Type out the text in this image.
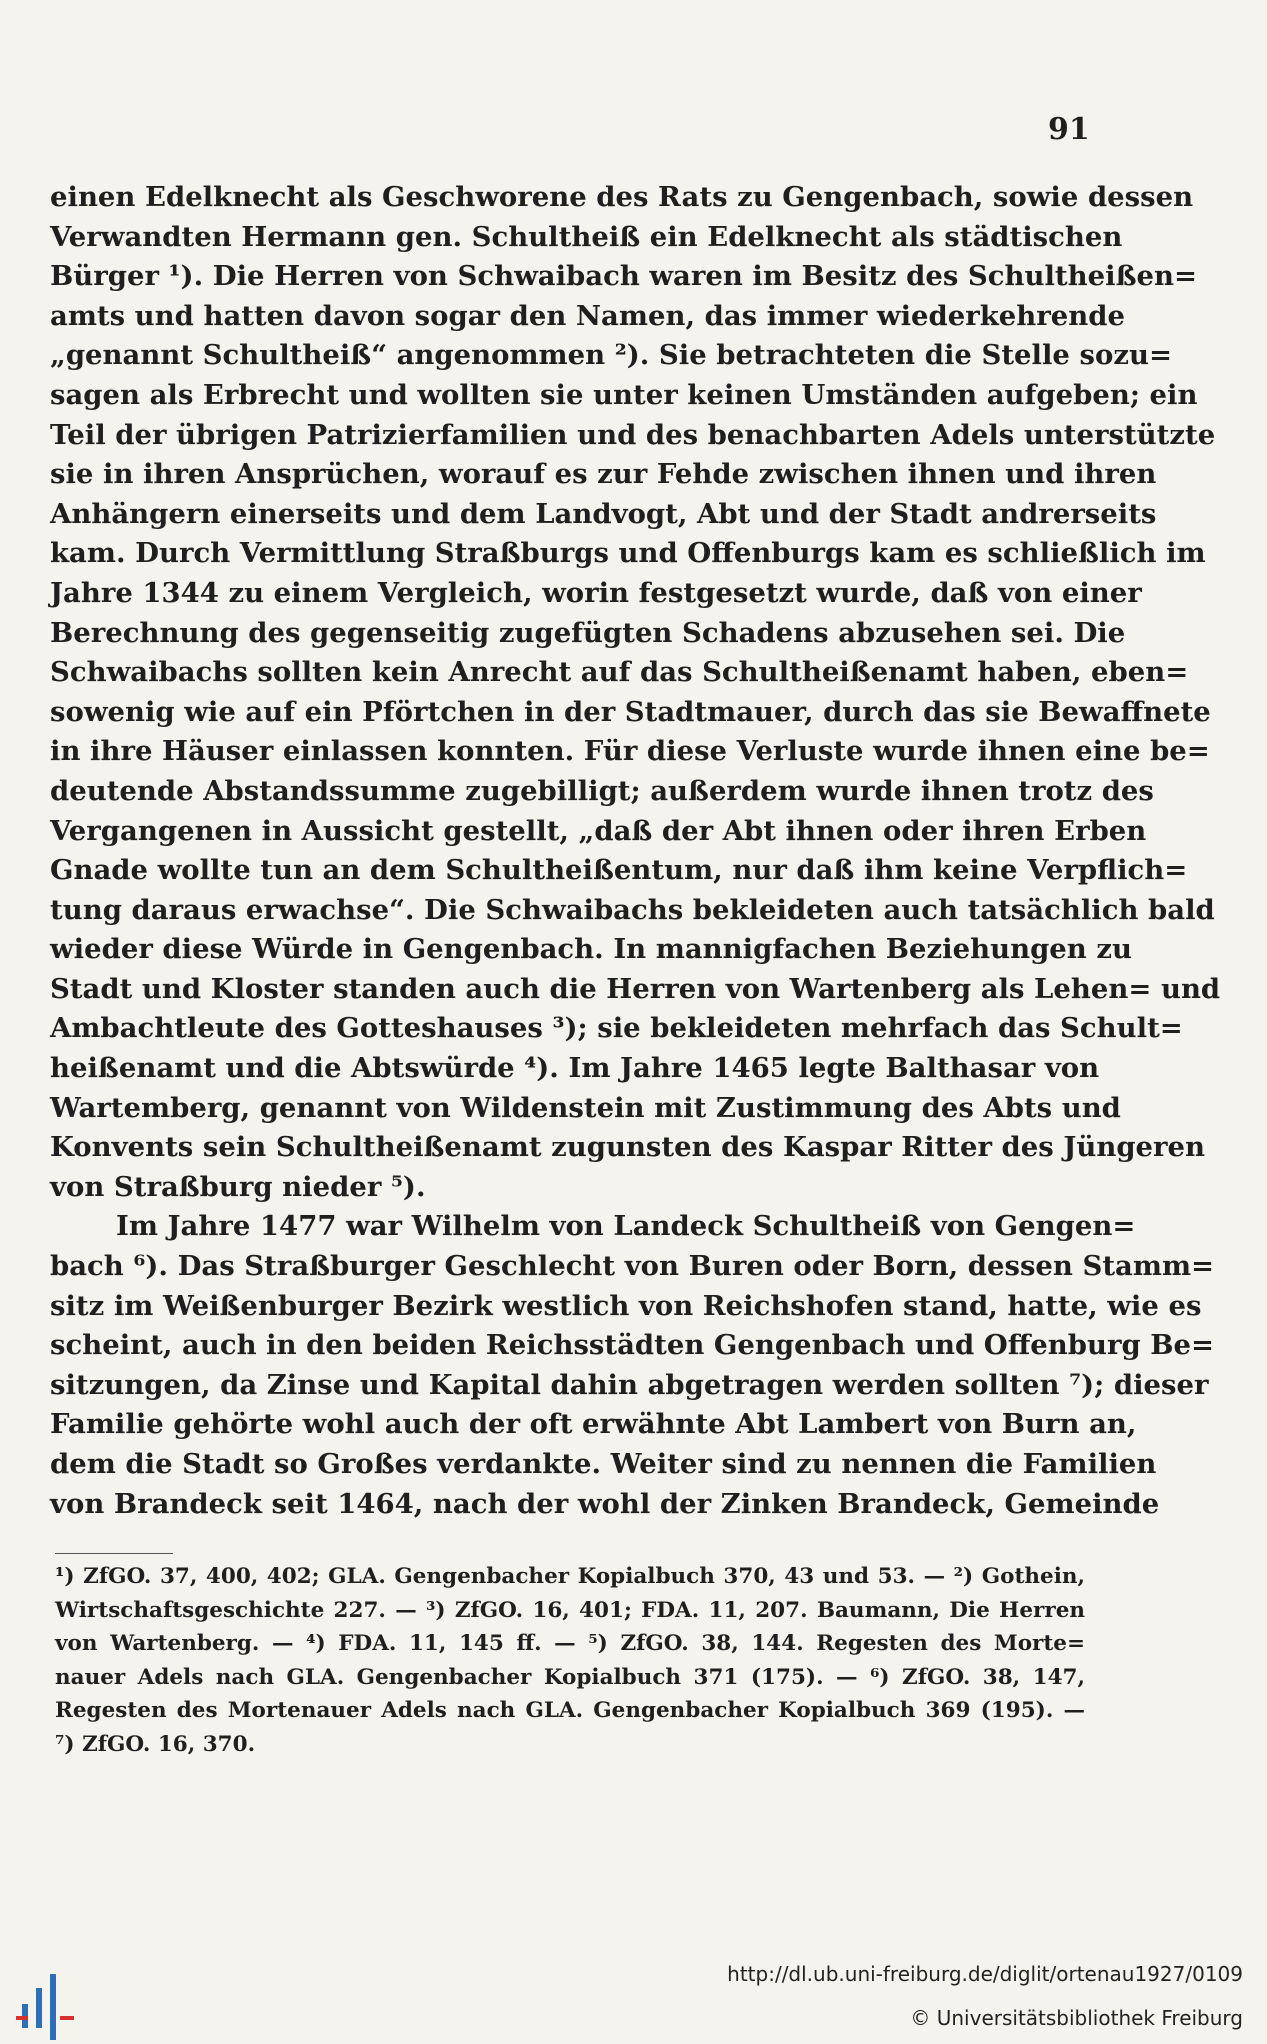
91
einen Edelknecht als Geschworene des Rats zu Gengenbach, sowie dessen
Verwandten Hermann gen. Schultheiß ein Edelknecht als städtischen
Bürger ¹). Die Herren von Schwaibach waren im Besitz des Schultheißen=
amts und hatten davon sogar den Namen, das immer wiederkehrende
„genannt Schultheiß“ angenommen ²). Sie betrachteten die Stelle sozu=
sagen als Erbrecht und wollten sie unter keinen Umständen aufgeben; ein
Teil der übrigen Patrizierfamilien und des benachbarten Adels unterstützte
sie in ihren Ansprüchen, worauf es zur Fehde zwischen ihnen und ihren
Anhängern einerseits und dem Landvogt, Abt und der Stadt andrerseits
kam. Durch Vermittlung Straßburgs und Offenburgs kam es schließlich im
Jahre 1344 zu einem Vergleich, worin festgesetzt wurde, daß von einer
Berechnung des gegenseitig zugefügten Schadens abzusehen sei. Die
Schwaibachs sollten kein Anrecht auf das Schultheißenamt haben, eben=
sowenig wie auf ein Pförtchen in der Stadtmauer, durch das sie Bewaffnete
in ihre Häuser einlassen konnten. Für diese Verluste wurde ihnen eine be=
deutende Abstandssumme zugebilligt; außerdem wurde ihnen trotz des
Vergangenen in Aussicht gestellt, „daß der Abt ihnen oder ihren Erben
Gnade wollte tun an dem Schultheißentum, nur daß ihm keine Verpflich=
tung daraus erwachse“. Die Schwaibachs bekleideten auch tatsächlich bald
wieder diese Würde in Gengenbach. In mannigfachen Beziehungen zu
Stadt und Kloster standen auch die Herren von Wartenberg als Lehen= und
Ambachtleute des Gotteshauses ³); sie bekleideten mehrfach das Schult=
heißenamt und die Abtswürde ⁴). Im Jahre 1465 legte Balthasar von
Wartemberg, genannt von Wildenstein mit Zustimmung des Abts und
Konvents sein Schultheißenamt zugunsten des Kaspar Ritter des Jüngeren
von Straßburg nieder ⁵).
Im Jahre 1477 war Wilhelm von Landeck Schultheiß von Gengen=
bach ⁶). Das Straßburger Geschlecht von Buren oder Born, dessen Stamm=
sitz im Weißenburger Bezirk westlich von Reichshofen stand, hatte, wie es
scheint, auch in den beiden Reichsstädten Gengenbach und Offenburg Be=
sitzungen, da Zinse und Kapital dahin abgetragen werden sollten ⁷); dieser
Familie gehörte wohl auch der oft erwähnte Abt Lambert von Burn an,
dem die Stadt so Großes verdankte. Weiter sind zu nennen die Familien
von Brandeck seit 1464, nach der wohl der Zinken Brandeck, Gemeinde
¹) ZfGO. 37, 400, 402; GLA. Gengenbacher Kopialbuch 370, 43 und 53. — ²) Gothein,
Wirtschaftsgeschichte 227. — ³) ZfGO. 16, 401; FDA. 11, 207. Baumann, Die Herren
von Wartenberg. — ⁴) FDA. 11, 145 ff. — ⁵) ZfGO. 38, 144. Regesten des Morte=
nauer Adels nach GLA. Gengenbacher Kopialbuch 371 (175). — ⁶) ZfGO. 38, 147,
Regesten des Mortenauer Adels nach GLA. Gengenbacher Kopialbuch 369 (195). —
⁷) ZfGO. 16, 370.
http://dl.ub.uni-freiburg.de/diglit/ortenau1927/0109
© Universitätsbibliothek Freiburg
